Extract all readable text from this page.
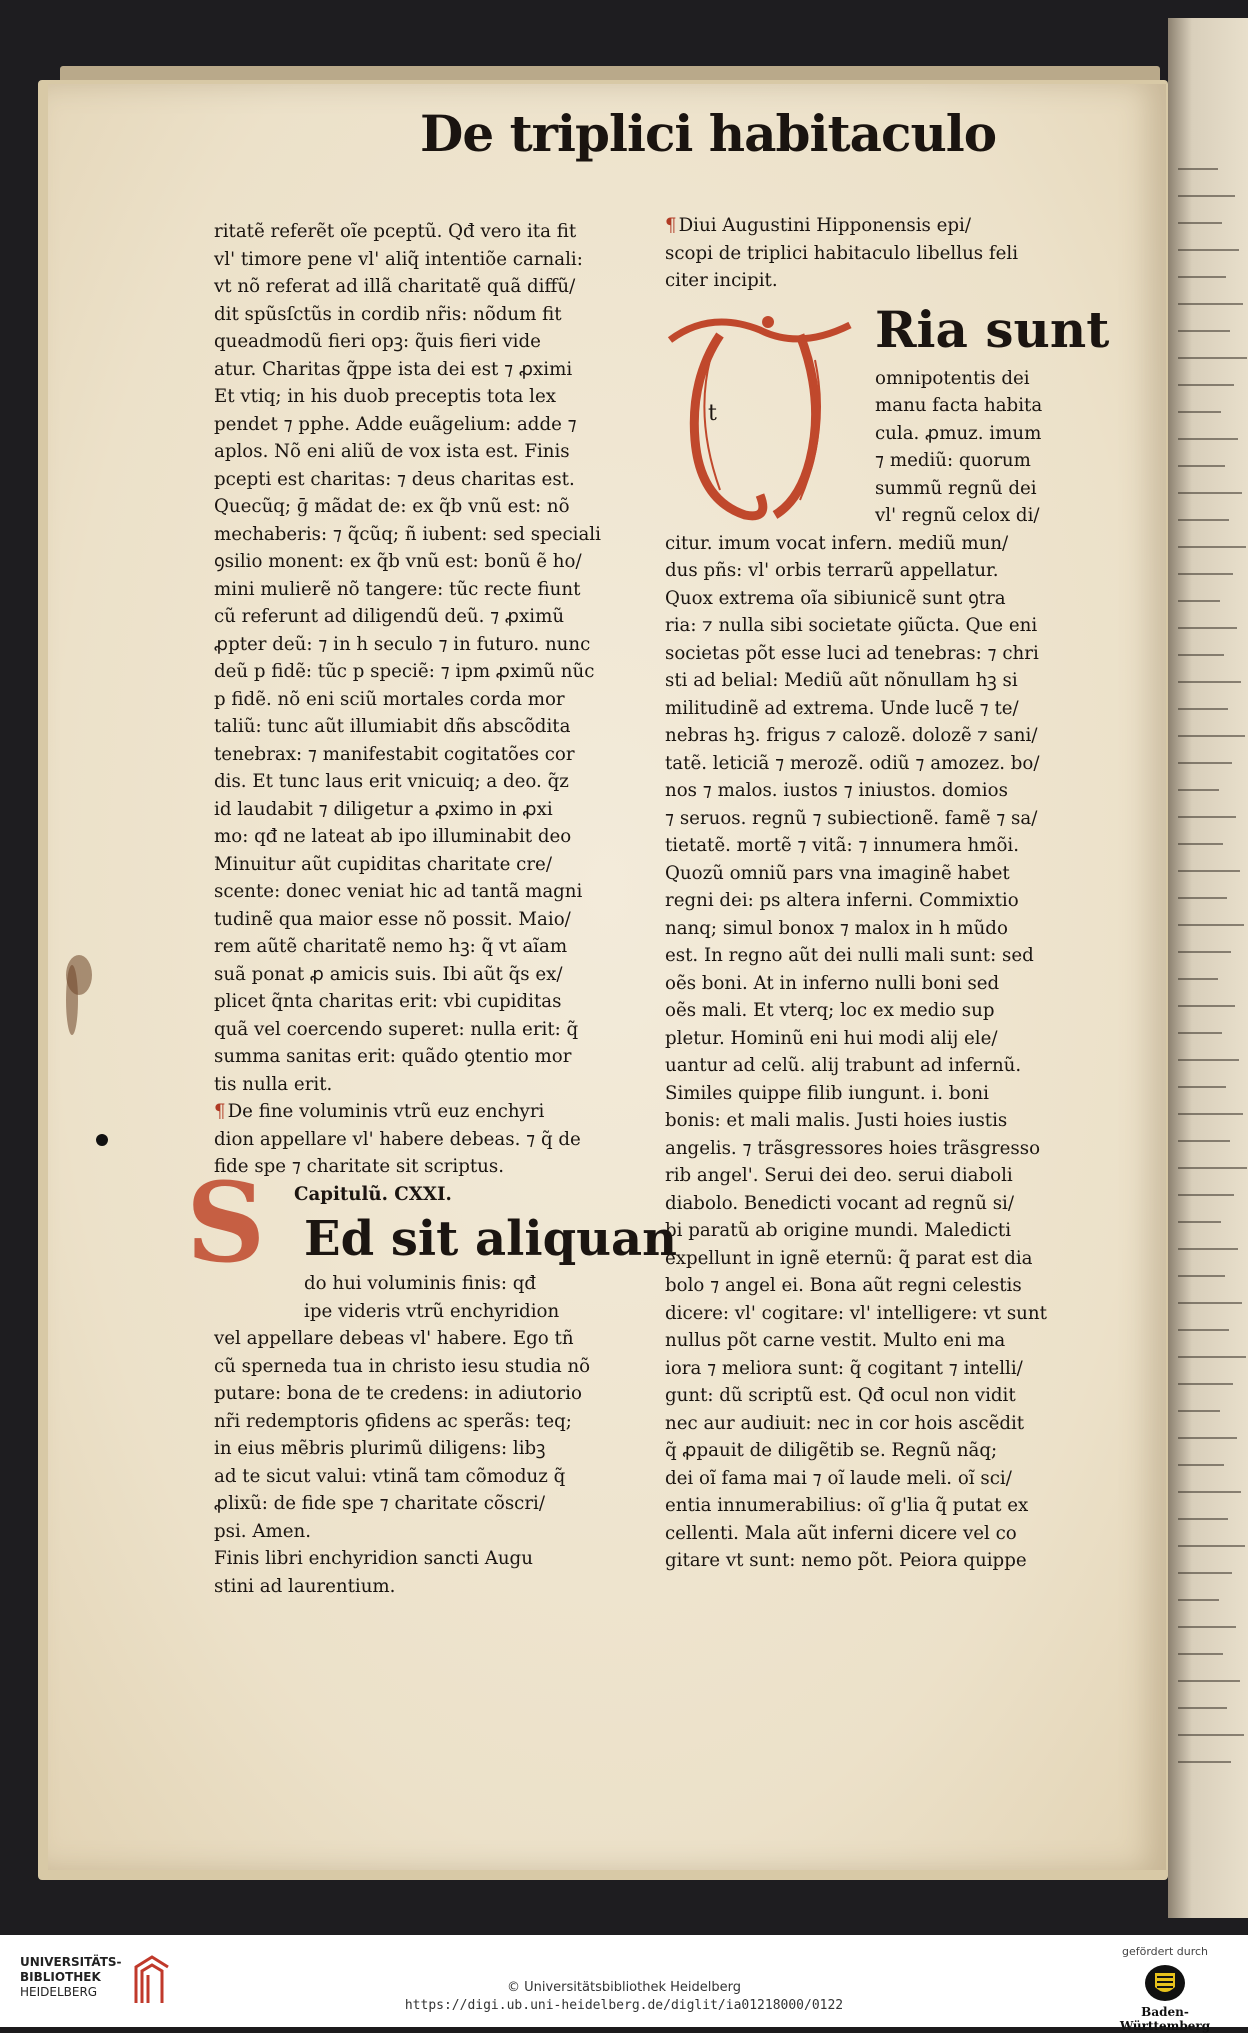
De triplici habitaculo
ritatẽ referẽt oĩe pceptũ. Qđ vero ita fit
vl' timore pene vl' aliq̃ intentiõe carnali:
vt nõ referat ad illã charitatẽ quã diffũ/
dit spũsſctũs in cordib nr̃is: nõdum fit
queadmodũ fieri opꝫ: q̃uis fieri vide
atur. Charitas q̃ppe ista dei est ⁊ ꝓximi
Et vtiq; in his duob preceptis tota lex
pendet ⁊ pphe. Adde euãgelium: adde ⁊
aplos. Nõ eni aliũ de vox ista est. Finis
pcepti est charitas: ⁊ deus charitas est.
Quecũq; ḡ mãdat de: ex q̃b vnũ est: nõ
mechaberis: ⁊ q̃cũq; ñ iubent: sed speciali
ꝯsilio monent: ex q̃b vnũ est: bonũ ẽ ho/
mini mulierẽ nõ tangere: tũc recte fiunt
cũ referunt ad diligendũ deũ. ⁊ ꝓximũ
ꝓpter deũ: ⁊ in h seculo ⁊ in futuro. nunc
deũ p fidẽ: tũc p speciẽ: ⁊ ipm ꝓximũ nũc
p fidẽ. nõ eni sciũ mortales corda mor
taliũ: tunc aũt illumiabit dñs abscõdita
tenebrax: ⁊ manifestabit cogitatões cor
dis. Et tunc laus erit vnicuiq; a deo. q̃z
id laudabit ⁊ diligetur a ꝓximo in ꝓxi
mo: qđ ne lateat ab ipo illuminabit deo
Minuitur aũt cupiditas charitate cre/
scente: donec veniat hic ad tantã magni
tudinẽ qua maior esse nõ possit. Maio/
rem aũtẽ charitatẽ nemo hꝫ: q̃ vt aĩam
suã ponat ꝓ amicis suis. Ibi aũt q̃s ex/
plicet q̃nta charitas erit: vbi cupiditas
quã vel coercendo superet: nulla erit: q̃
summa sanitas erit: quãdo ꝯtentio mor
tis nulla erit.
¶ De fine voluminis vtrũ euz enchyri
dion appellare vl' habere debeas. ⁊ q̃ de
fide spe ⁊ charitate sit scriptus.
Capitulũ. CXXI.
Ed sit aliquan
do hui voluminis finis: qđ
ipe videris vtrũ enchyridion
vel appellare debeas vl' habere. Ego tñ
cũ sperneda tua in christo iesu studia nõ
putare: bona de te credens: in adiutorio
nr̃i redemptoris ꝯfidens ac sperãs: teq;
in eius mẽbris plurimũ diligens: libꝫ
ad te sicut valui: vtinã tam cõmoduz q̃
ꝓlixũ: de fide spe ⁊ charitate cõscri/
psi. Amen.
Finis libri enchyridion sancti Augu
stini ad laurentium.
¶ Diui Augustini Hipponensis epi/
scopi de triplici habitaculo libellus feli
citer incipit.
Ria sunt
omnipotentis dei
manu facta habita
cula. ꝓmuz. imum
⁊ mediũ: quorum
summũ regnũ dei
vl' regnũ celox di/
citur. imum vocat infern. mediũ mun/
dus pñs: vl' orbis terrarũ appellatur.
Quox extrema oĩa sibiunicẽ sunt ꝯtra
ria: ⁊ nulla sibi societate ꝯiũcta. Que eni
societas põt esse luci ad tenebras: ⁊ chri
sti ad belial: Mediũ aũt nõnullam hꝫ si
militudinẽ ad extrema. Unde lucẽ ⁊ te/
nebras hꝫ. frigus ⁊ calozẽ. dolozẽ ⁊ sani/
tatẽ. leticiã ⁊ merozẽ. odiũ ⁊ amozez. bo/
nos ⁊ malos. iustos ⁊ iniustos. domios
⁊ seruos. regnũ ⁊ subiectionẽ. famẽ ⁊ sa/
tietatẽ. mortẽ ⁊ vitã: ⁊ innumera hmõi.
Quozũ omniũ pars vna imaginẽ habet
regni dei: ps altera inferni. Commixtio
nanq; simul bonox ⁊ malox in h mũdo
est. In regno aũt dei nulli mali sunt: sed
oẽs boni. At in inferno nulli boni sed
oẽs mali. Et vterq; loc ex medio sup
pletur. Hominũ eni hui modi alij ele/
uantur ad celũ. alij trabunt ad infernũ.
Similes quippe filib iungunt. i. boni
bonis: et mali malis. Justi hoies iustis
angelis. ⁊ trãsgressores hoies trãsgresso
rib angel'. Serui dei deo. serui diaboli
diabolo. Benedicti vocant ad regnũ si/
bi paratũ ab origine mundi. Maledicti
expellunt in ignẽ eternũ: q̃ parat est dia
bolo ⁊ angel ei. Bona aũt regni celestis
dicere: vl' cogitare: vl' intelligere: vt sunt
nullus põt carne vestit. Multo eni ma
iora ⁊ meliora sunt: q̃ cogitant ⁊ intelli/
gunt: dũ scriptũ est. Qđ ocul non vidit
nec aur audiuit: nec in cor hois ascẽdit
q̃ ꝓpauit de diligẽtib se. Regnũ nãq;
dei oĩ fama mai ⁊ oĩ laude meli. oĩ sci/
entia innumerabilius: oĩ g'lia q̃ putat ex
cellenti. Mala aũt inferni dicere vel co
gitare vt sunt: nemo põt. Peiora quippe
S
t
UNIVERSITÄTS-
BIBLIOTHEK
HEIDELBERG	© Universitätsbibliothek Heidelberg
https://digi.ub.uni-heidelberg.de/diglit/ia01218000/0122
gefördert durch
Baden-Württemberg
